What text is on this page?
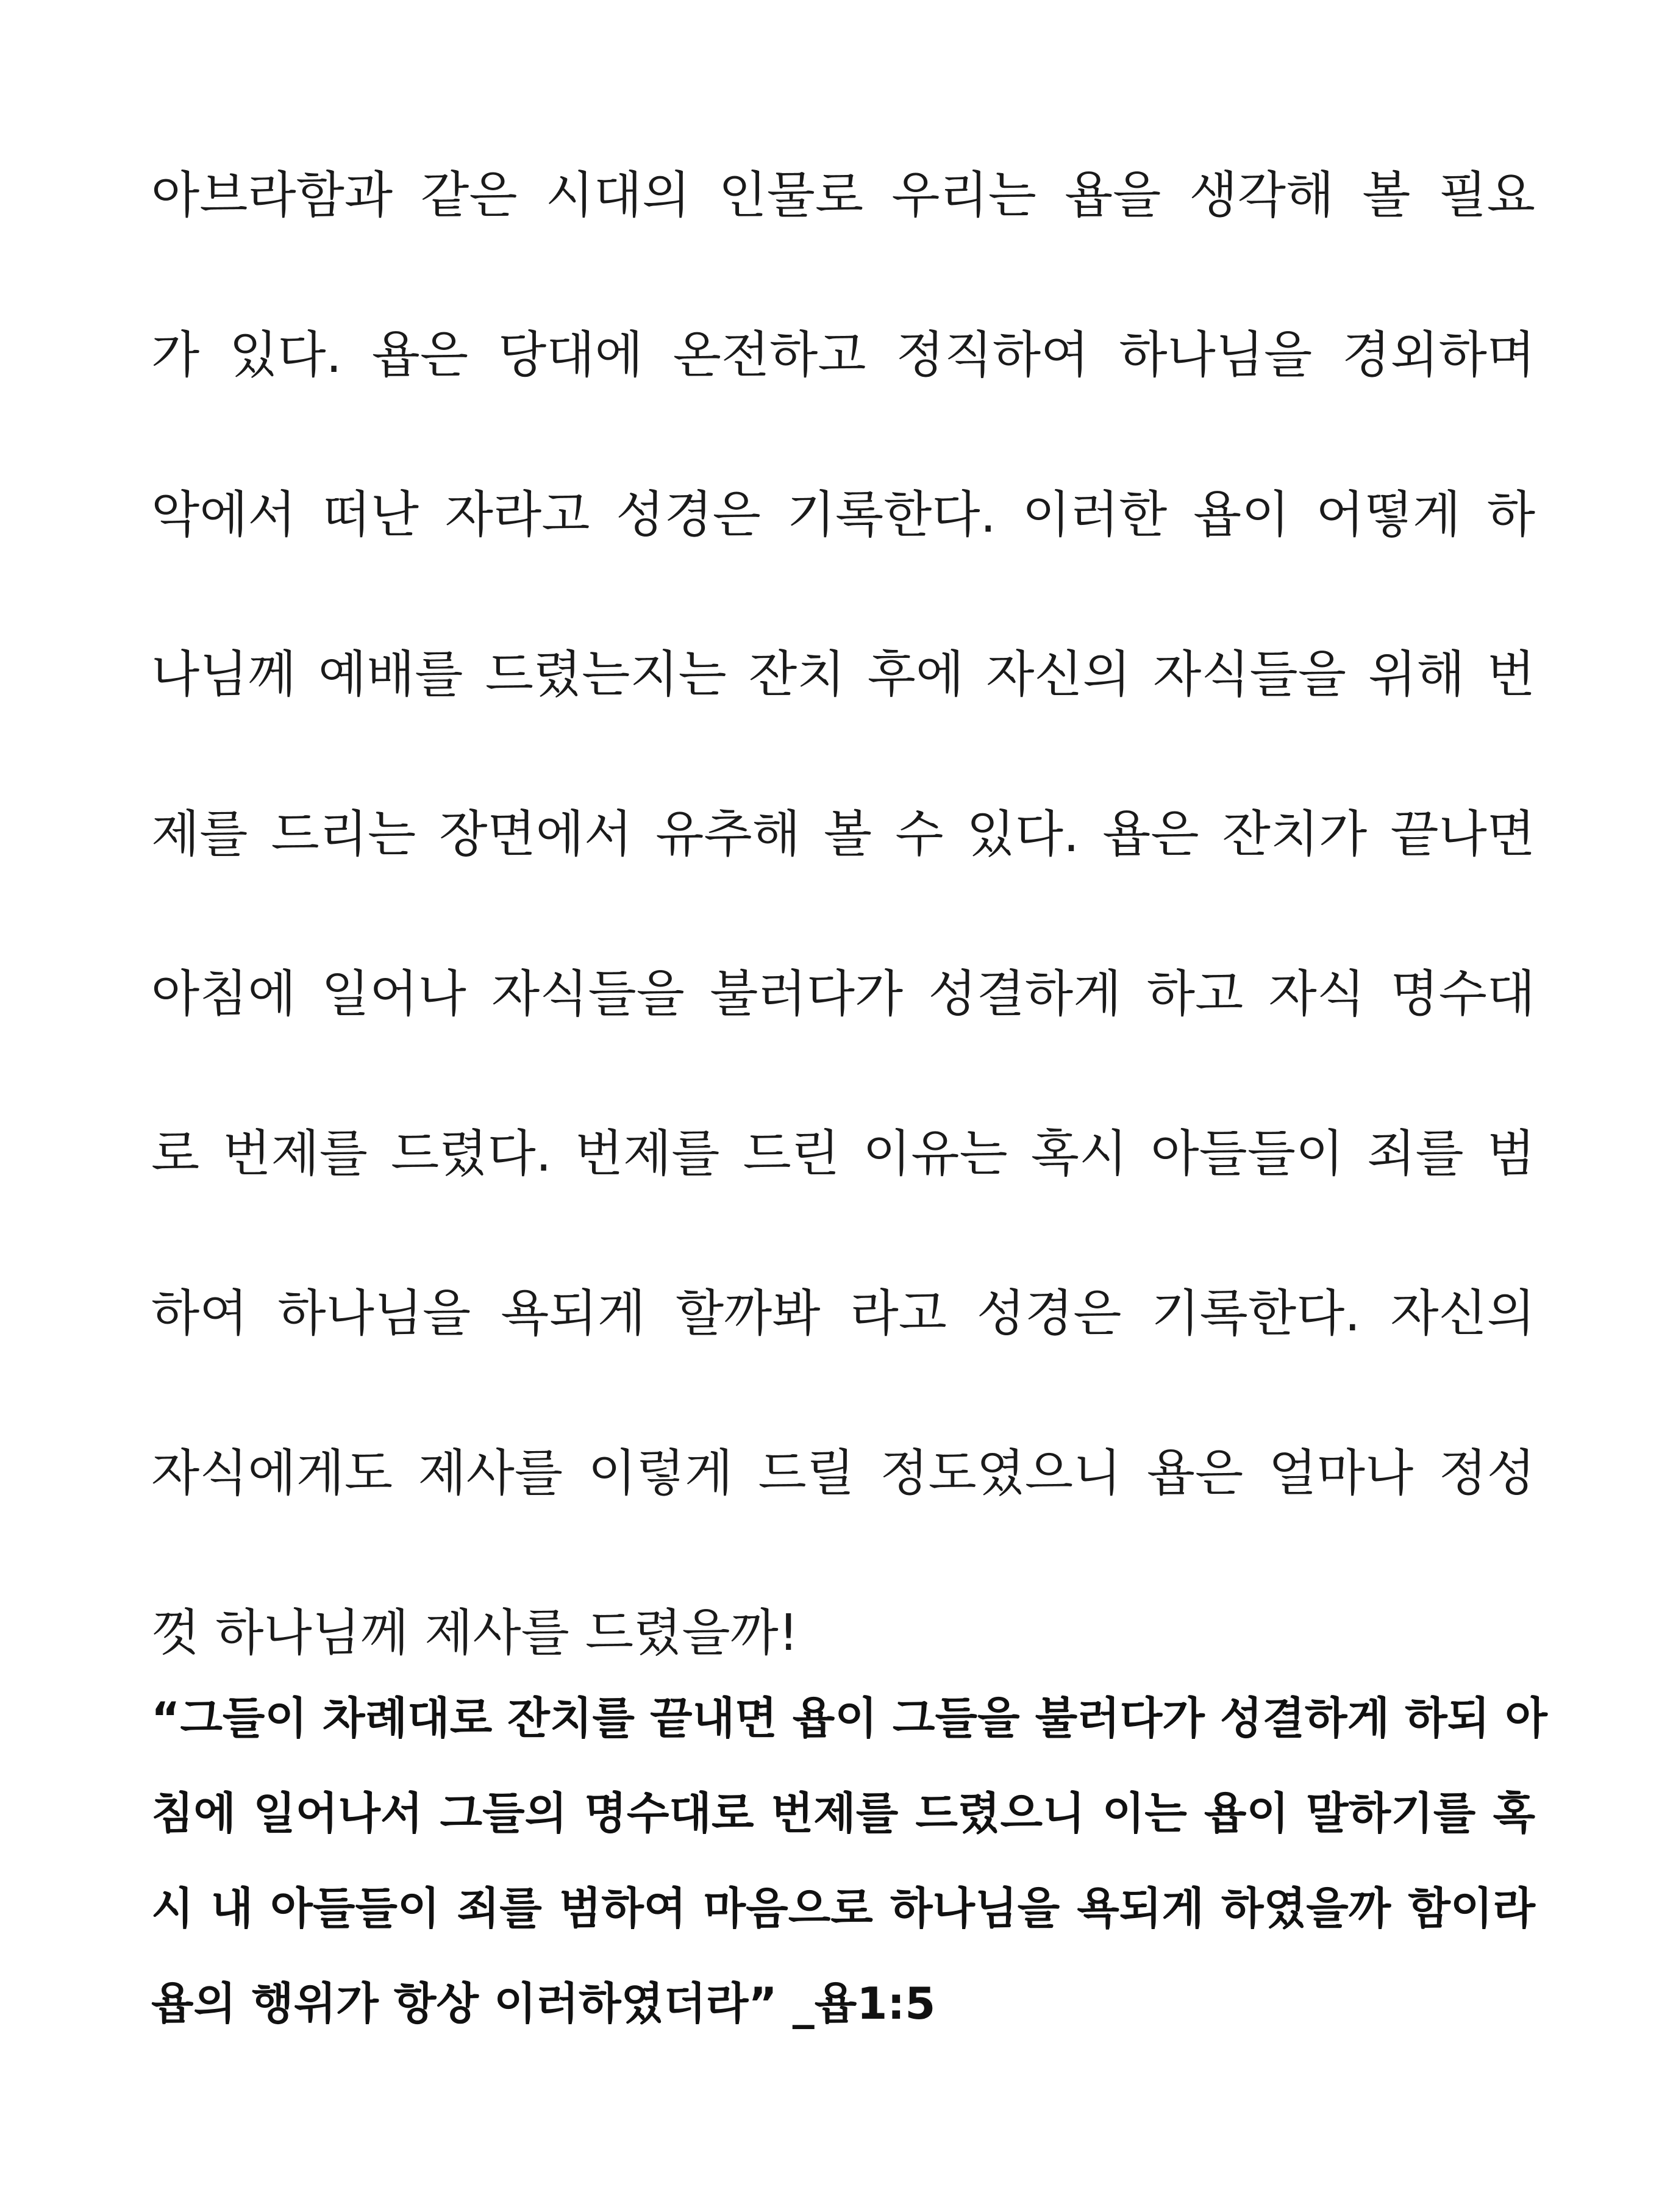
아브라함과 같은 시대의 인물로 우리는 욥을 생각해 볼 필요
가 있다. 욥은 당대에 온전하고 정직하여 하나님을 경외하며
악에서 떠난 자라고 성경은 기록한다. 이러한 욥이 어떻게 하
나님께 예배를 드렸는지는 잔치 후에 자신의 자식들을 위해 번
제를 드리는 장면에서 유추해 볼 수 있다. 욥은 잔치가 끝나면
아침에 일어나 자식들을 불러다가 성결하게 하고 자식 명수대
로 번제를 드렸다. 번제를 드린 이유는 혹시 아들들이 죄를 범
하여 하나님을 욕되게 할까봐 라고 성경은 기록한다. 자신의
자식에게도 제사를 이렇게 드릴 정도였으니 욥은 얼마나 정성
껏 하나님께 제사를 드렸을까!
“그들이 차례대로 잔치를 끝내면 욥이 그들을 불러다가 성결하게 하되 아
침에 일어나서 그들의 명수대로 번제를 드렸으니 이는 욥이 말하기를 혹
시 내 아들들이 죄를 범하여 마음으로 하나님을 욕되게 하였을까 함이라
욥의 행위가 항상 이러하였더라” _욥1:5
